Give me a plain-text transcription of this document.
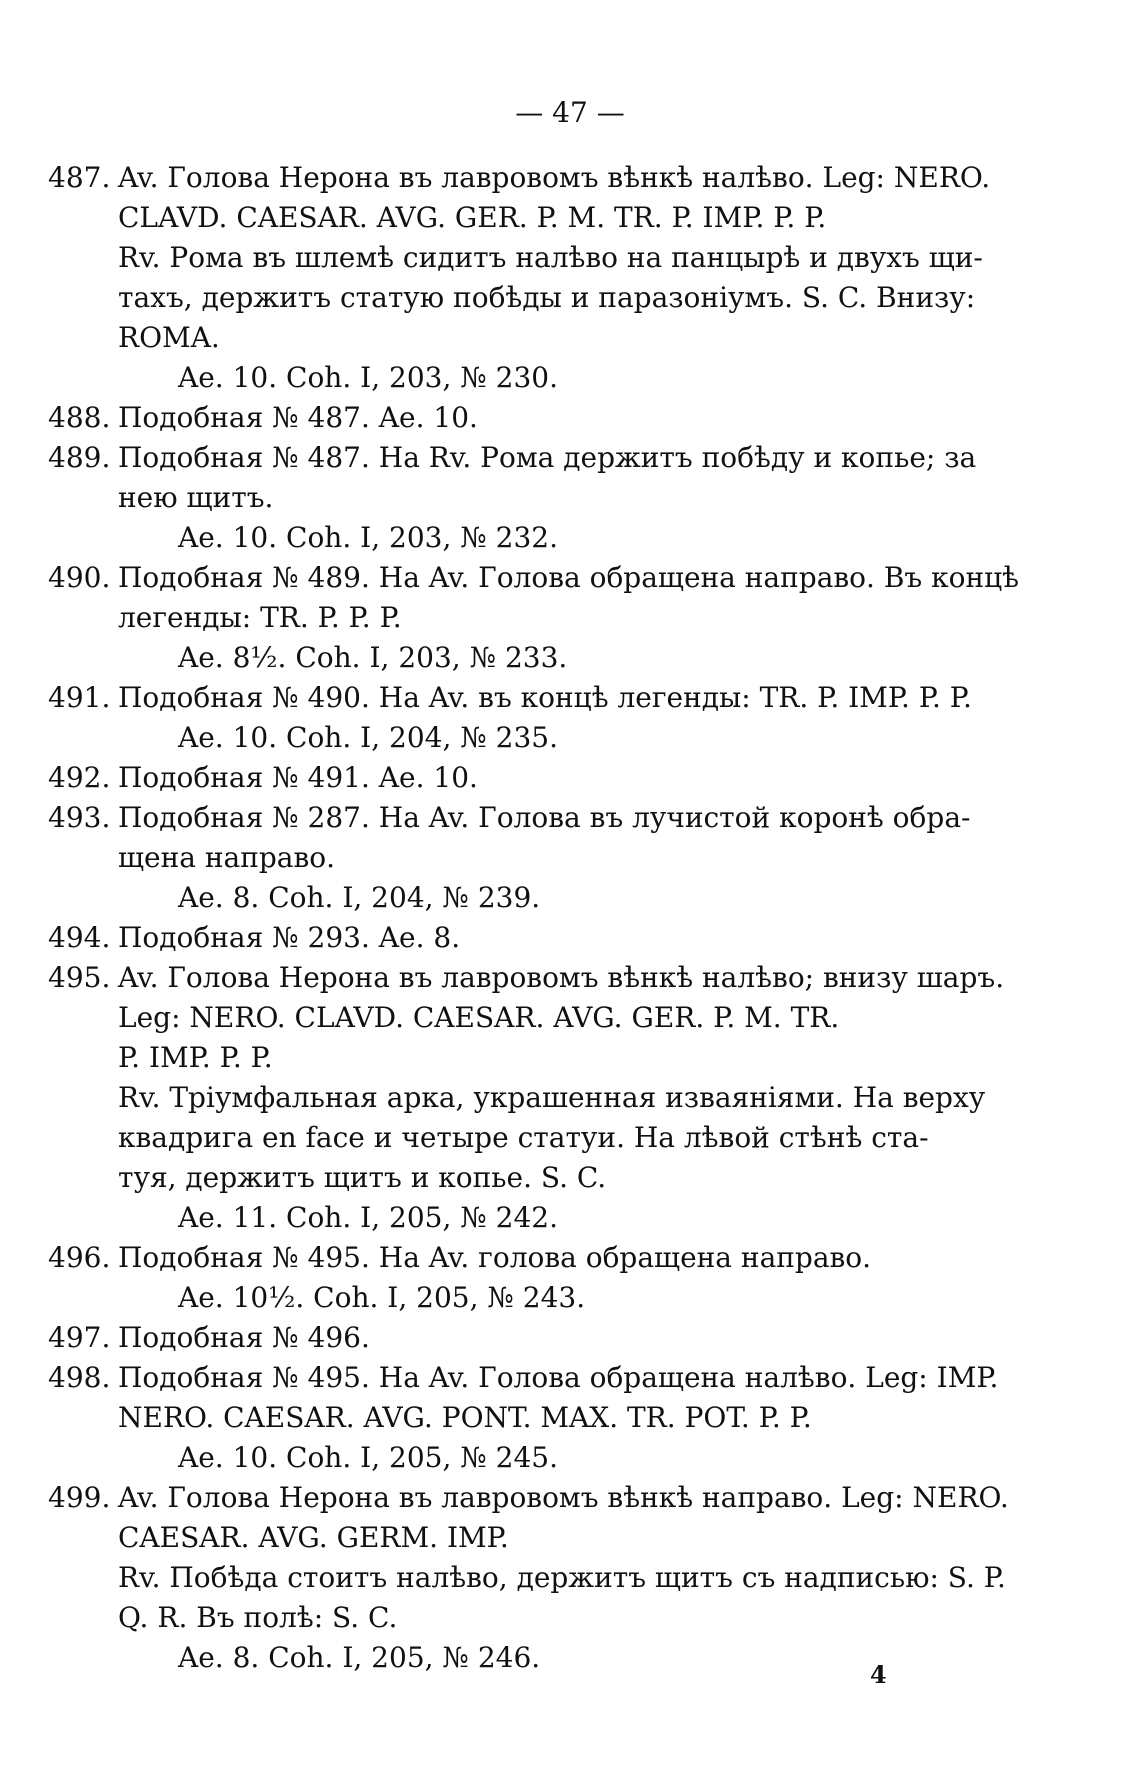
— 47 —
487. Av. Голова Нерона въ лавровомъ вѣнкѣ налѣво. Leg: NERO.
CLAVD. CAESAR. AVG. GER. P. M. TR. P. IMP. P. P.
Rv. Рома въ шлемѣ сидитъ налѣво на панцырѣ и двухъ щи-
тахъ, держитъ статую побѣды и паразоніумъ. S. C. Внизу:
ROMA.
Ae. 10. Coh. I, 203, № 230.
488. Подобная № 487. Ae. 10.
489. Подобная № 487. На Rv. Рома держитъ побѣду и копье; за
нею щитъ.
Ae. 10. Coh. I, 203, № 232.
490. Подобная № 489. На Av. Голова обращена направо. Въ концѣ
легенды: TR. P. P. P.
Ae. 8½. Coh. I, 203, № 233.
491. Подобная № 490. На Av. въ концѣ легенды: TR. P. IMP. P. P.
Ae. 10. Coh. I, 204, № 235.
492. Подобная № 491. Ae. 10.
493. Подобная № 287. На Av. Голова въ лучистой коронѣ обра-
щена направо.
Ae. 8. Coh. I, 204, № 239.
494. Подобная № 293. Ae. 8.
495. Av. Голова Нерона въ лавровомъ вѣнкѣ налѣво; внизу шаръ.
Leg: NERO. CLAVD. CAESAR. AVG. GER. P. M. TR.
P. IMP. P. P.
Rv. Тріумфальная арка, украшенная изваяніями. На верху
квадрига en face и четыре статуи. На лѣвой стѣнѣ ста-
туя, держитъ щитъ и копье. S. C.
Ae. 11. Coh. I, 205, № 242.
496. Подобная № 495. На Av. голова обращена направо.
Ae. 10½. Coh. I, 205, № 243.
497. Подобная № 496.
498. Подобная № 495. На Av. Голова обращена налѣво. Leg: IMP.
NERO. CAESAR. AVG. PONT. MAX. TR. POT. P. P.
Ae. 10. Coh. I, 205, № 245.
499. Av. Голова Нерона въ лавровомъ вѣнкѣ направо. Leg: NERO.
CAESAR. AVG. GERM. IMP.
Rv. Побѣда стоитъ налѣво, держитъ щитъ съ надписью: S. P.
Q. R. Въ полѣ: S. C.
Ae. 8. Coh. I, 205, № 246.
4
